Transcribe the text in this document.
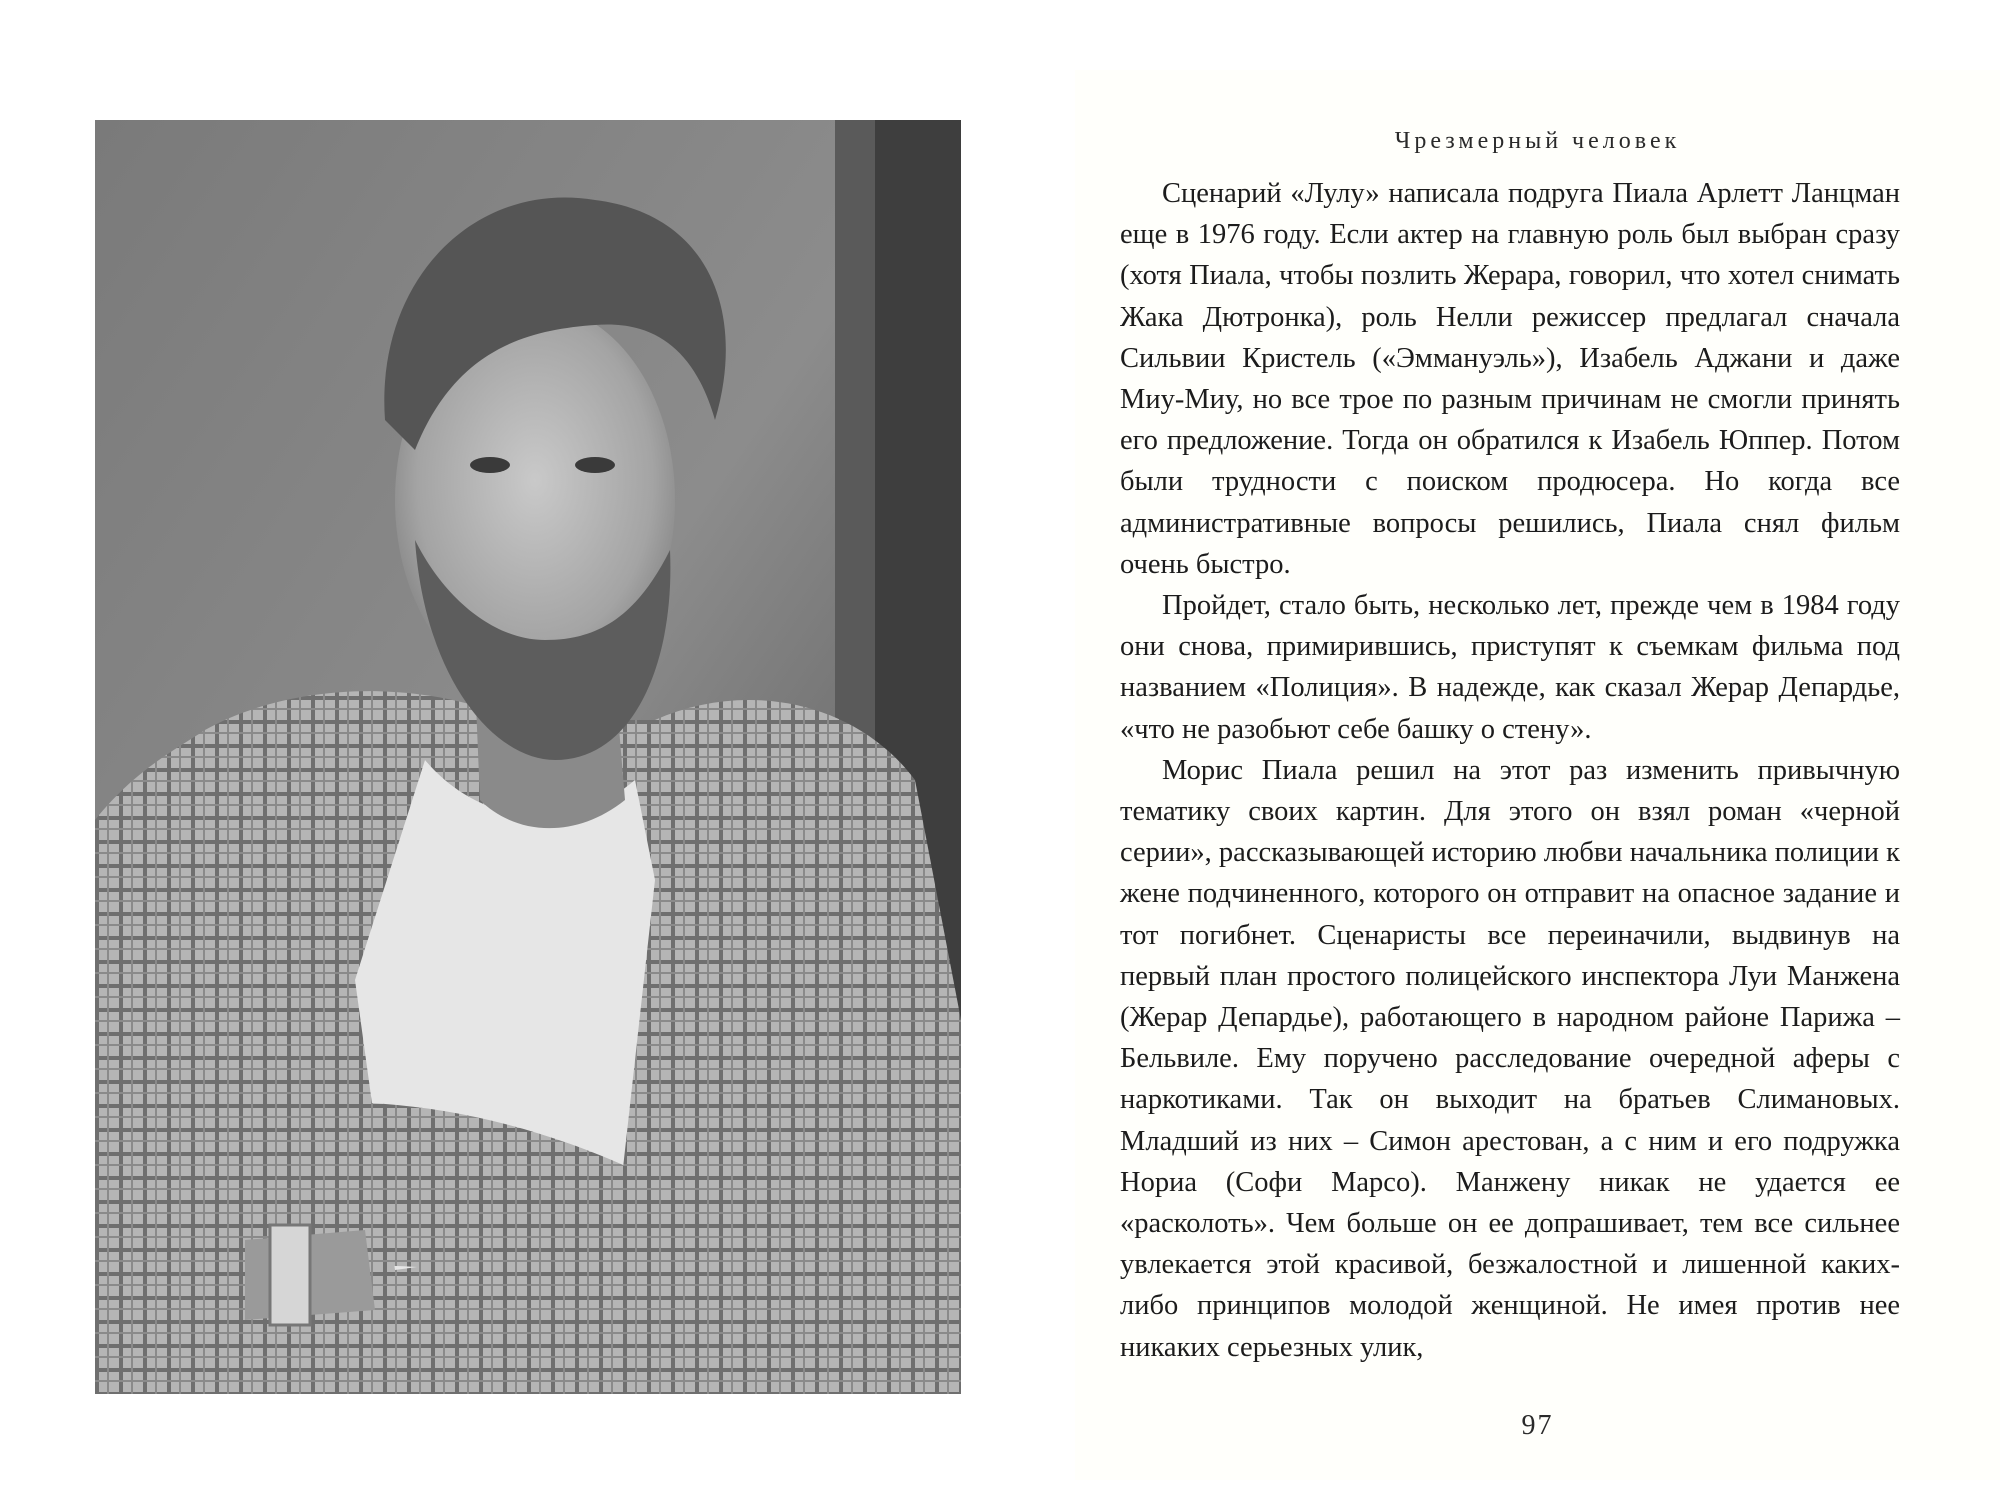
Чрезмерный человек

Сценарий «Лулу» написала подруга Пиала Арлетт Ланцман еще в 1976 году. Если актер на главную роль был выбран сразу (хотя Пиала, чтобы позлить Жерара, говорил, что хотел снимать Жака Дютронка), роль Нелли режиссер предлагал сначала Сильвии Кристель («Эммануэль»), Изабель Аджани и даже Миу-Миу, но все трое по разным причинам не смогли принять его предложение. Тогда он обратился к Изабель Юппер. Потом были трудности с поиском продюсера. Но когда все административные вопросы решились, Пиала снял фильм очень быстро.

Пройдет, стало быть, несколько лет, прежде чем в 1984 году они снова, примирившись, приступят к съемкам фильма под названием «Полиция». В надежде, как сказал Жерар Депардье, «что не разобьют себе башку о стену».

Морис Пиала решил на этот раз изменить привычную тематику своих картин. Для этого он взял роман «черной серии», рассказывающей историю любви начальника полиции к жене подчиненного, которого он отправит на опасное задание и тот погибнет. Сценаристы все переиначили, выдвинув на первый план простого полицейского инспектора Луи Манжена (Жерар Депардье), работающего в народном районе Парижа – Бельвиле. Ему поручено расследование очередной аферы с наркотиками. Так он выходит на братьев Слимановых. Младший из них – Симон арестован, а с ним и его подружка Нориа (Софи Марсо). Манжену никак не удается ее «расколоть». Чем больше он ее допрашивает, тем все сильнее увлекается этой красивой, безжалостной и лишенной каких-либо принципов молодой женщиной. Не имея против нее никаких серьезных улик,

97
